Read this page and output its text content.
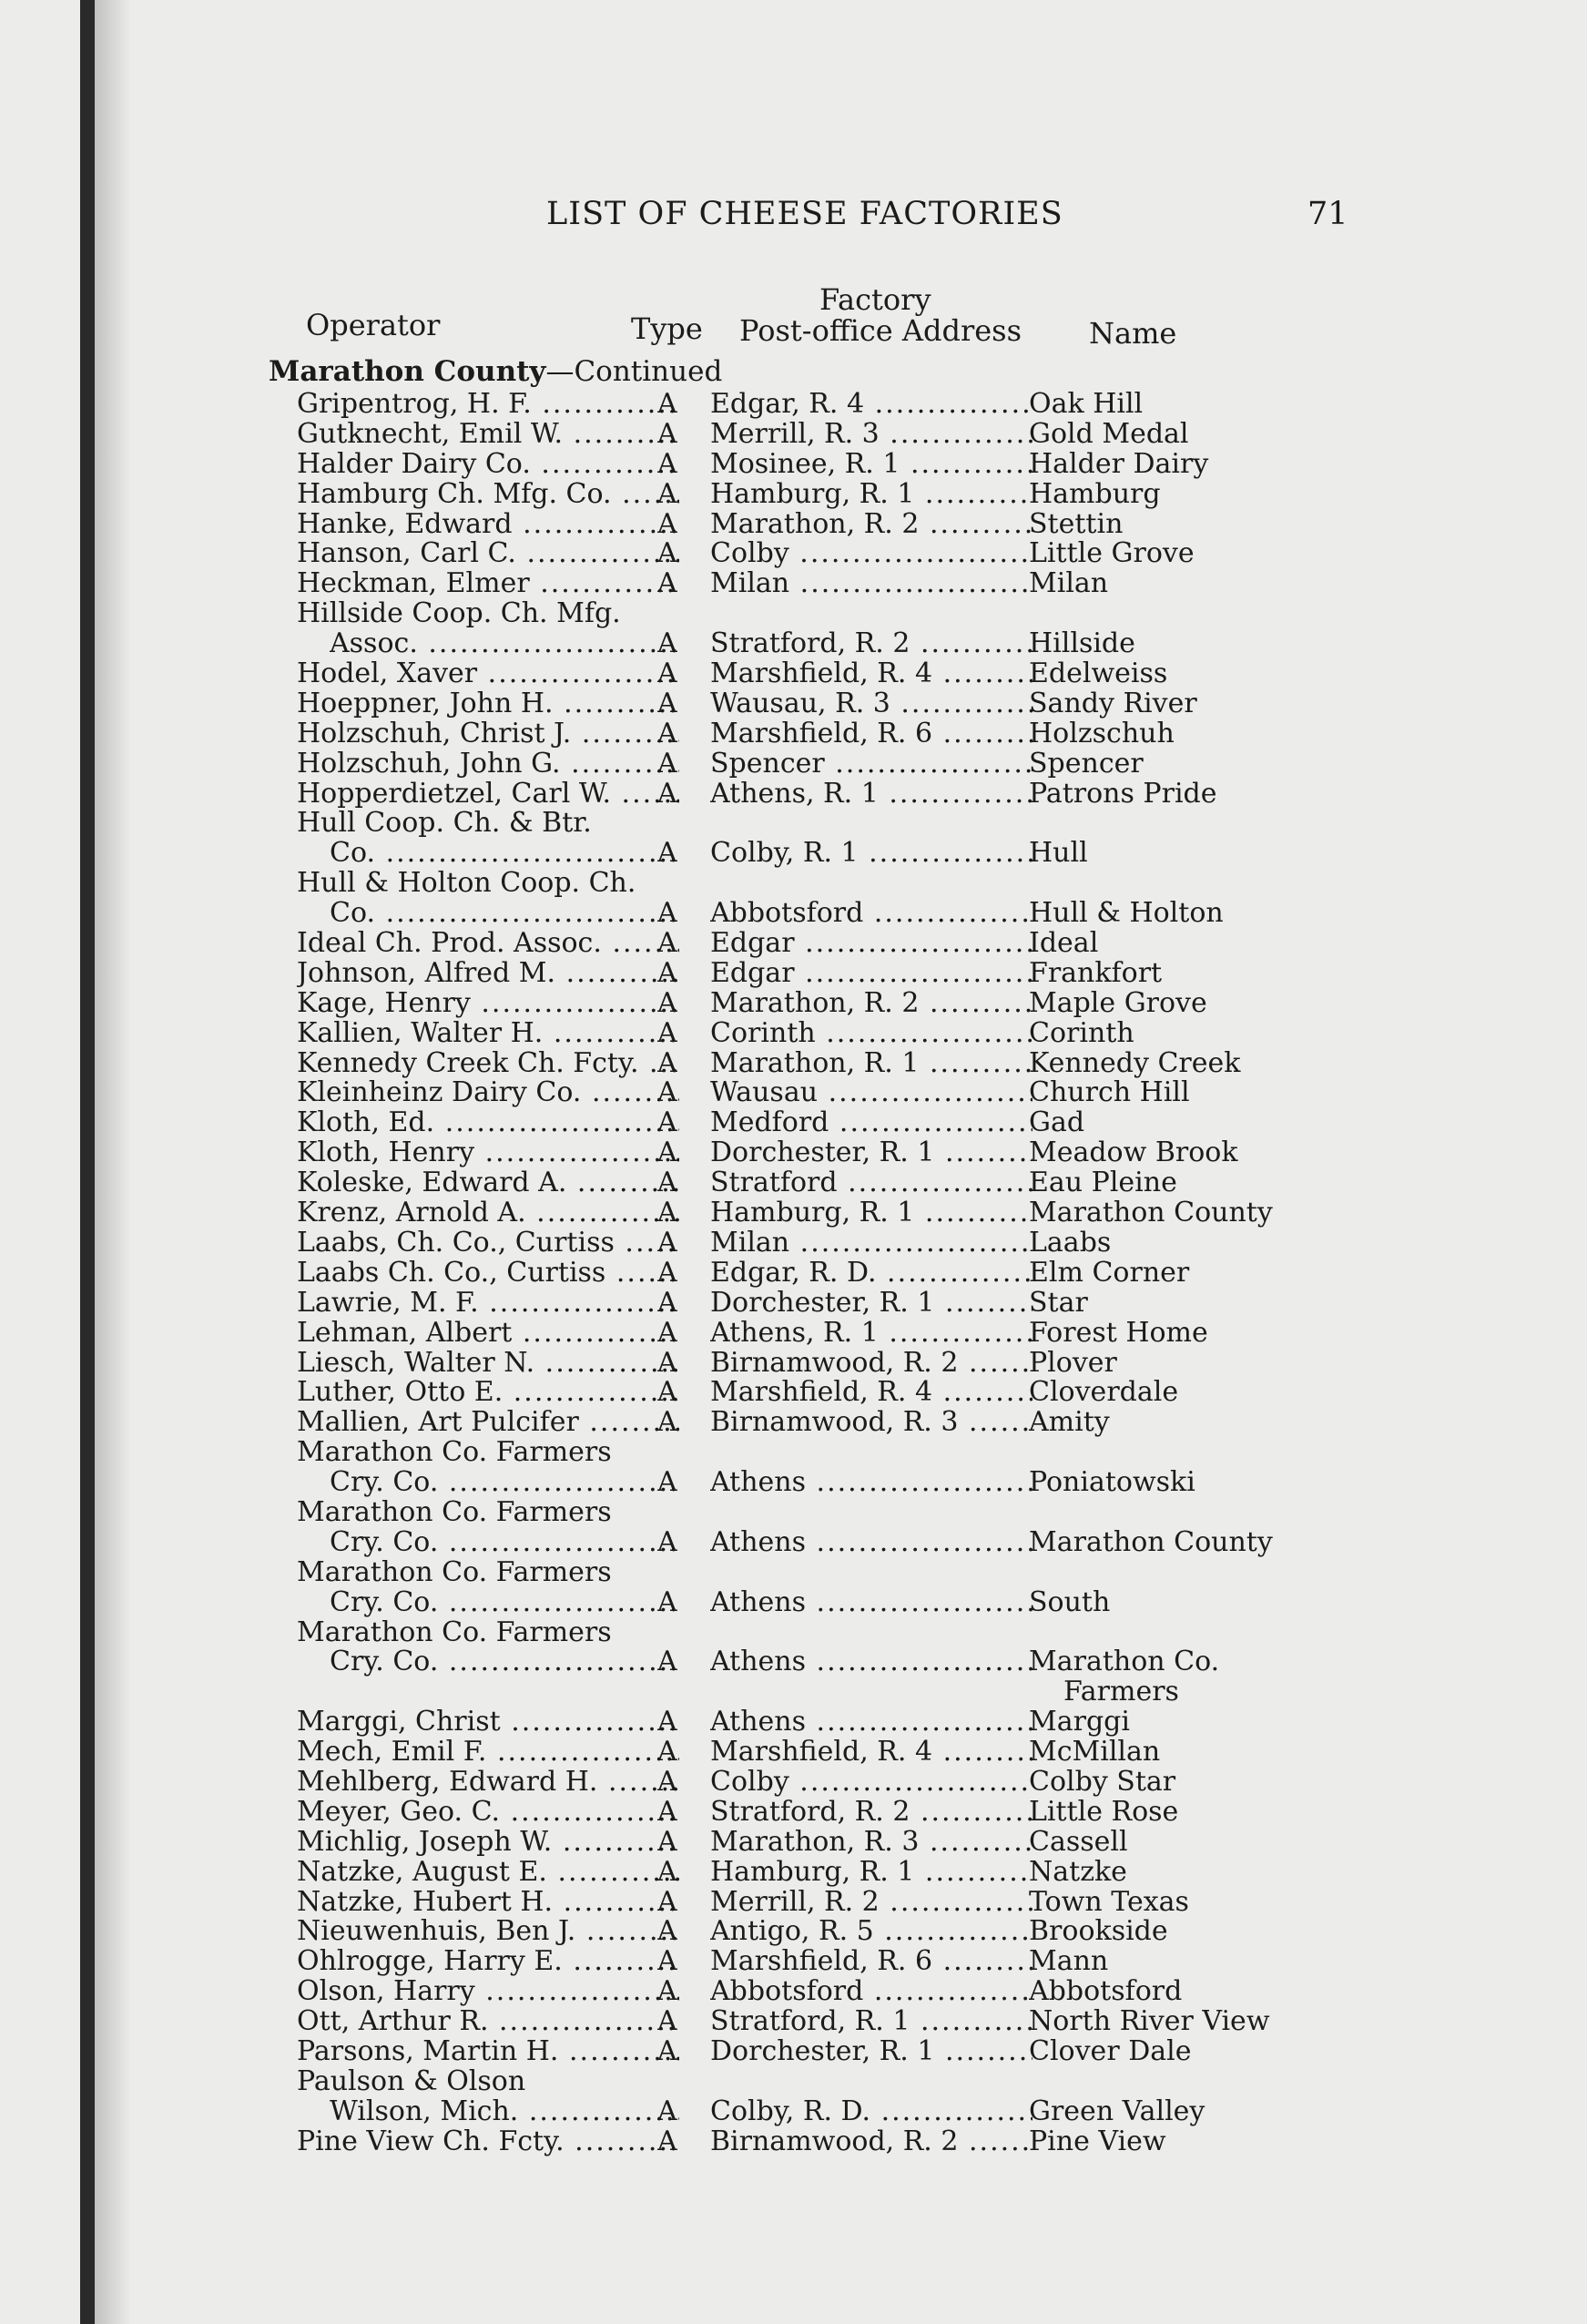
LIST OF CHEESE FACTORIES	71
Factory
Operator	Type Post-office Address Name
Marathon County—Continued
Gripentrog, H. F. .....	A Edgar, R. 4 .....	Oak Hill
Gutknecht, Emil W. .....	A Merrill, R. 3 .....	Gold Medal
Halder Dairy Co. .....	A Mosinee, R. 1 .....	Halder Dairy
Hamburg Ch. Mfg. Co. .....	A Hamburg, R. 1 .....	Hamburg
Hanke, Edward .....	A Marathon, R. 2 .....	Stettin
Hanson, Carl C. .....	A Colby .....	Little Grove
Heckman, Elmer .....	A Milan .....	Milan
Hillside Coop. Ch. Mfg.
Assoc. .....	A Stratford, R. 2 .....	Hillside
Hodel, Xaver .....	A Marshfield, R. 4 .....	Edelweiss
Hoeppner, John H. .....	A Wausau, R. 3 .....	Sandy River
Holzschuh, Christ J. .....	A Marshfield, R. 6 .....	Holzschuh
Holzschuh, John G. .....	A Spencer .....	Spencer
Hopperdietzel, Carl W. .....	A Athens, R. 1 .....	Patrons Pride
Hull Coop. Ch. & Btr.
Co. .....	A Colby, R. 1 .....	Hull
Hull & Holton Coop. Ch.
Co. .....	A Abbotsford .....	Hull & Holton
Ideal Ch. Prod. Assoc. .....	A Edgar .....	Ideal
Johnson, Alfred M. .....	A Edgar .....	Frankfort
Kage, Henry .....	A Marathon, R. 2 .....	Maple Grove
Kallien, Walter H. .....	A Corinth .....	Corinth
Kennedy Creek Ch. Fcty. ..... A Marathon, R. 1 .....	Kennedy Creek
Kleinheinz Dairy Co. .....	A Wausau .....	Church Hill
Kloth, Ed. .....	A Medford .....	Gad
Kloth, Henry .....	A Dorchester, R. 1 .....	Meadow Brook
Koleske, Edward A. .....	A Stratford .....	Eau Pleine
Krenz, Arnold A. .....	A Hamburg, R. 1 .....	Marathon County
Laabs, Ch. Co., Curtiss .....	A Milan .....	Laabs
Laabs Ch. Co., Curtiss .....	A Edgar, R. D. .....	Elm Corner
Lawrie, M. F. .....	A Dorchester, R. 1 .....	Star
Lehman, Albert .....	A Athens, R. 1 .....	Forest Home
Liesch, Walter N. .....	A Birnamwood, R. 2 .....	Plover
Luther, Otto E. .....	A Marshfield, R. 4 .....	Cloverdale
Mallien, Art Pulcifer .....	A Birnamwood, R. 3 .....	Amity
Marathon Co. Farmers
Cry. Co. .....	A Athens .....	Poniatowski
Marathon Co. Farmers
Cry. Co. .....	A Athens .....	Marathon County
Marathon Co. Farmers
Cry. Co. .....	A Athens .....	South
Marathon Co. Farmers
Cry. Co. .....	A Athens .....	Marathon Co.
Farmers
Marggi, Christ .....	A Athens .....	Marggi
Mech, Emil F. .....	A Marshfield, R. 4 .....	McMillan
Mehlberg, Edward H. .....	A Colby .....	Colby Star
Meyer, Geo. C. .....	A Stratford, R. 2 .....	Little Rose
Michlig, Joseph W. .....	A Marathon, R. 3 .....	Cassell
Natzke, August E. .....	A Hamburg, R. 1 .....	Natzke
Natzke, Hubert H. .....	A Merrill, R. 2 .....	Town Texas
Nieuwenhuis, Ben J. .....	A Antigo, R. 5 .....	Brookside
Ohlrogge, Harry E. .....	A Marshfield, R. 6 .....	Mann
Olson, Harry .....	A Abbotsford .....	Abbotsford
Ott, Arthur R. .....	A Stratford, R. 1 .....	North River View
Parsons, Martin H. .....	A Dorchester, R. 1 .....	Clover Dale
Paulson & Olson
Wilson, Mich. .....	A Colby, R. D. .....	Green Valley
Pine View Ch. Fcty. .....	A Birnamwood, R. 2 .....	Pine View
